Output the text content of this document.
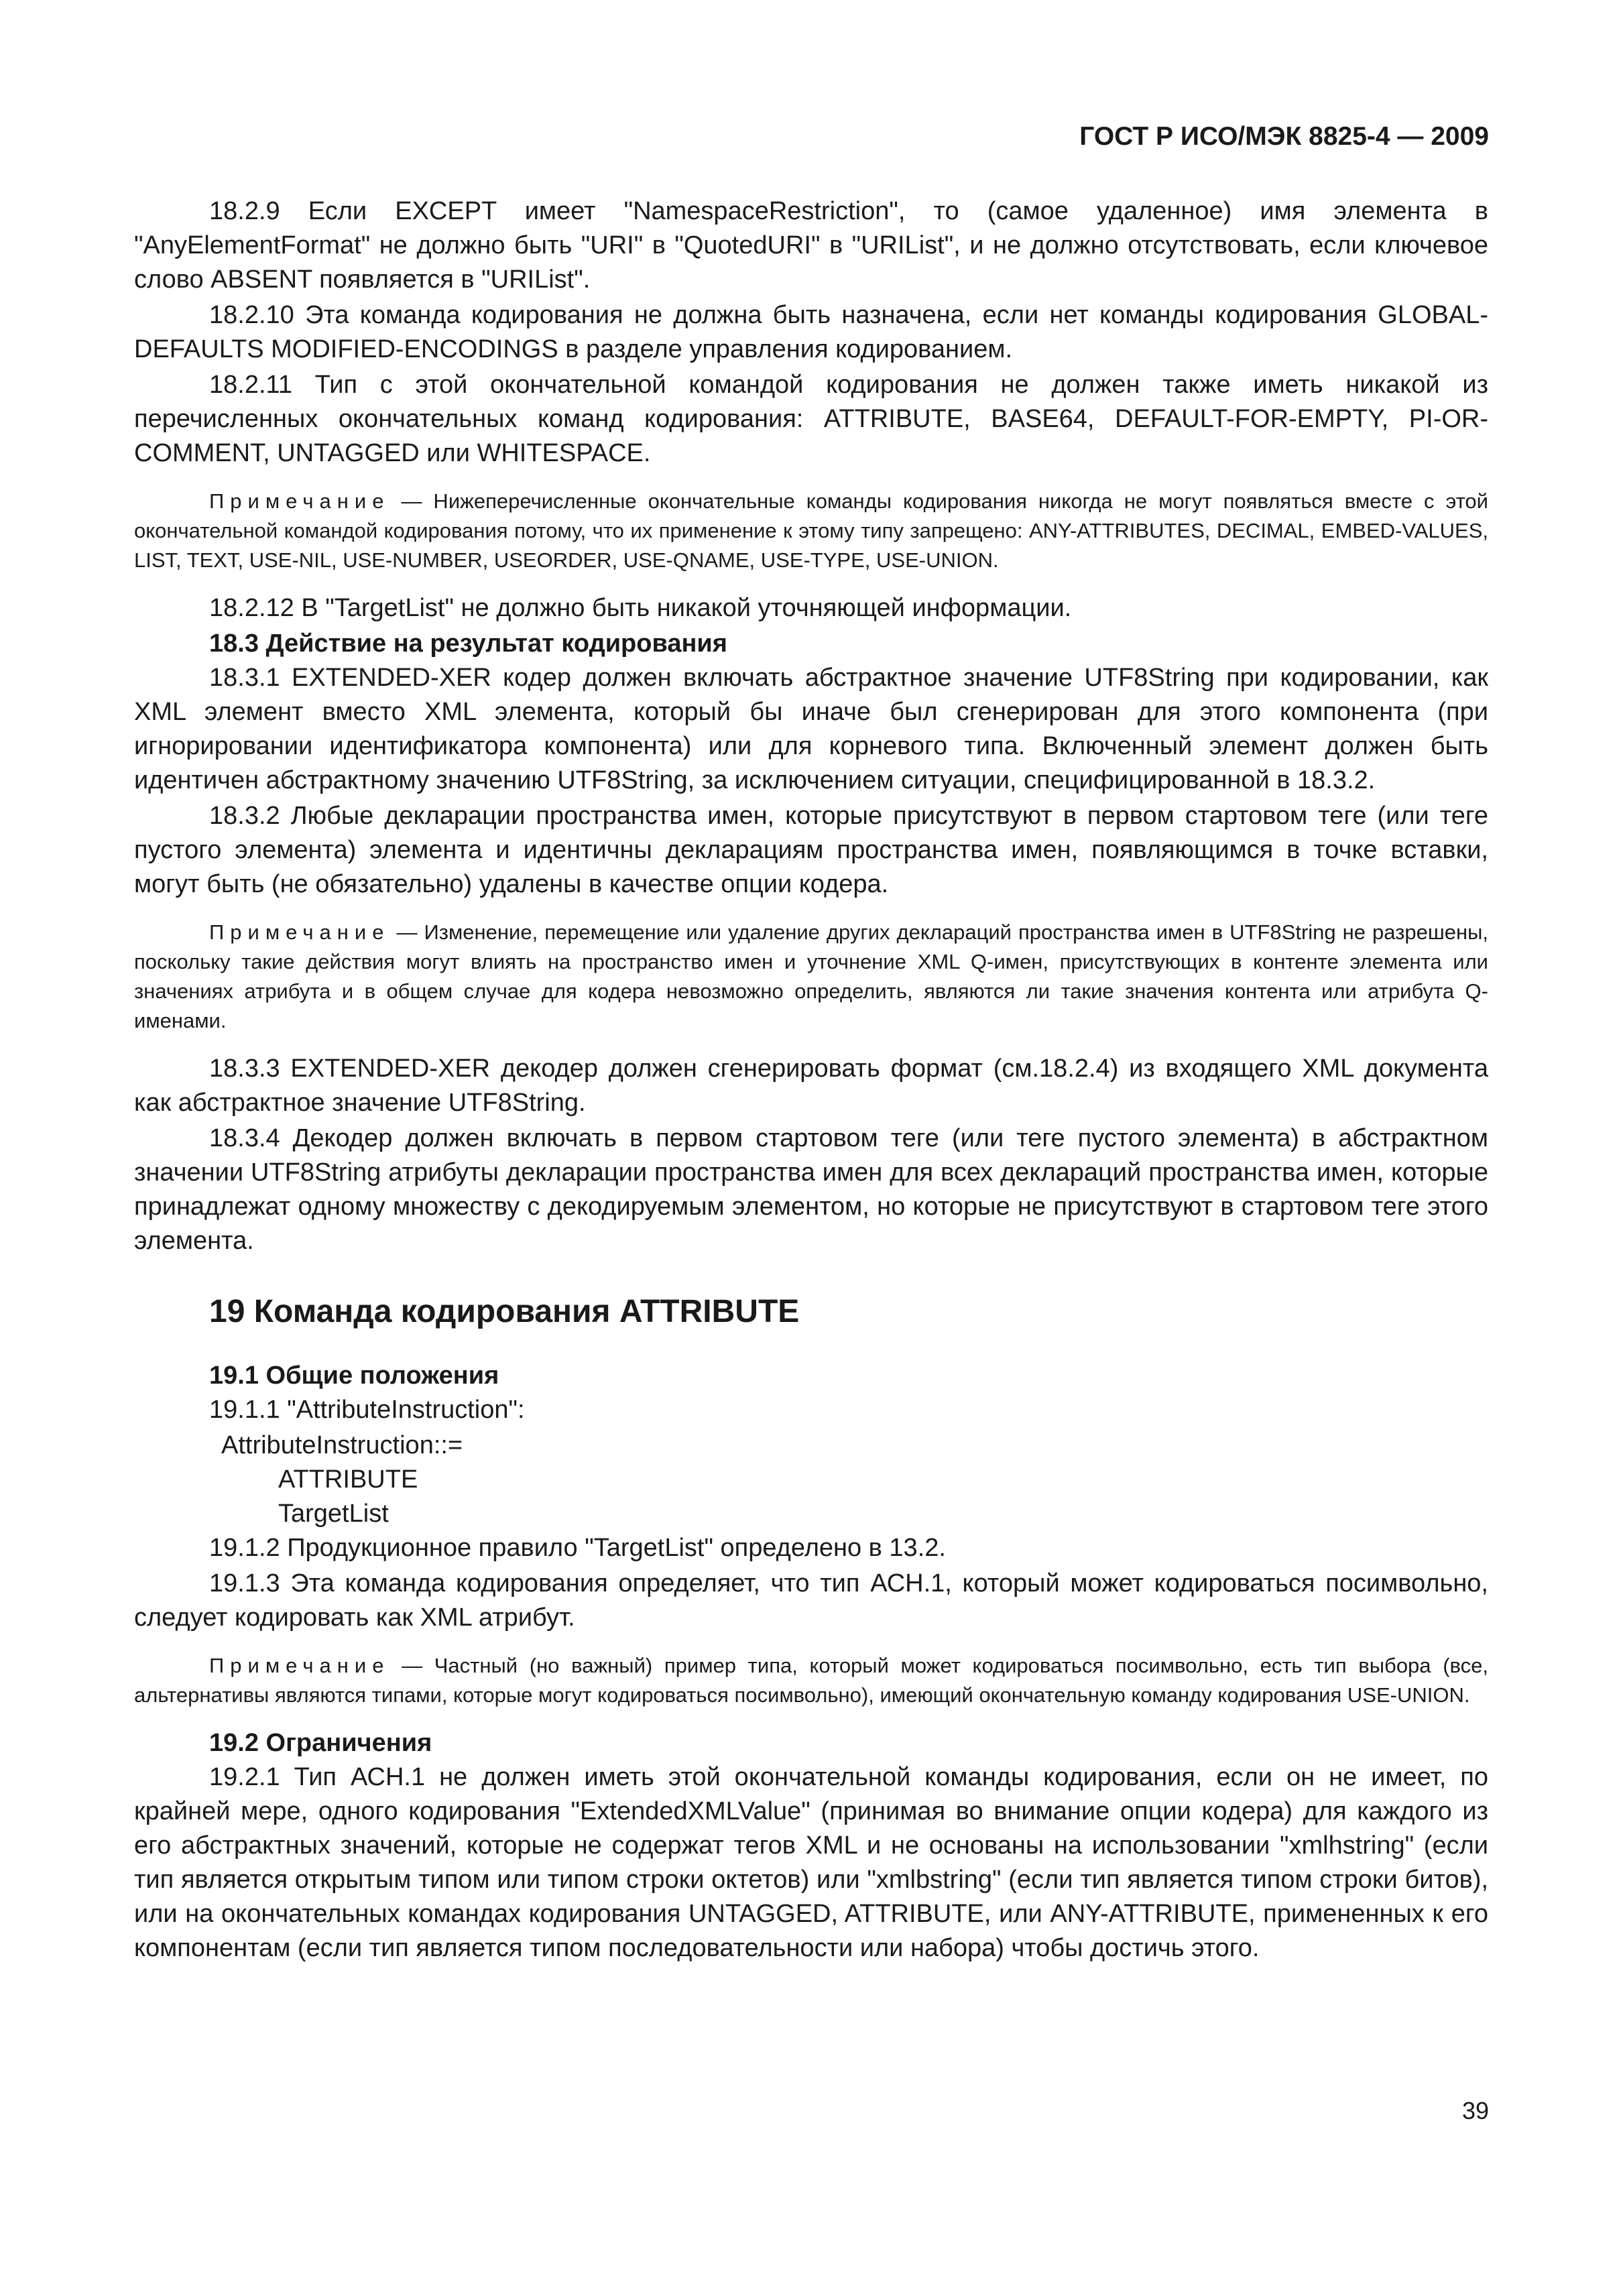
ГОСТ Р ИСО/МЭК 8825-4 — 2009

18.2.9 Если EXCEPT имеет "NamespaceRestriction", то (самое удаленное) имя элемента в "AnyElementFormat" не должно быть "URI" в "QuotedURI" в "URIList", и не должно отсутствовать, если ключевое слово ABSENT появляется в "URIList".

18.2.10 Эта команда кодирования не должна быть назначена, если нет команды кодирования GLOBAL-DEFAULTS MODIFIED-ENCODINGS в разделе управления кодированием.

18.2.11 Тип с этой окончательной командой кодирования не должен также иметь никакой из перечисленных окончательных команд кодирования: ATTRIBUTE, BASE64, DEFAULT-FOR-EMPTY, PI-OR-COMMENT, UNTAGGED или WHITESPACE.

Примечание — Нижеперечисленные окончательные команды кодирования никогда не могут появляться вместе с этой окончательной командой кодирования потому, что их применение к этому типу запрещено: ANY-ATTRIBUTES, DECIMAL, EMBED-VALUES, LIST, TEXT, USE-NIL, USE-NUMBER, USEORDER, USE-QNAME, USE-TYPE, USE-UNION.

18.2.12 В "TargetList" не должно быть никакой уточняющей информации.

18.3 Действие на результат кодирования

18.3.1 EXTENDED-XER кодер должен включать абстрактное значение UTF8String при кодировании, как XML элемент вместо XML элемента, который бы иначе был сгенерирован для этого компонента (при игнорировании идентификатора компонента) или для корневого типа. Включенный элемент должен быть идентичен абстрактному значению UTF8String, за исключением ситуации, специфицированной в 18.3.2.

18.3.2 Любые декларации пространства имен, которые присутствуют в первом стартовом теге (или теге пустого элемента) элемента и идентичны декларациям пространства имен, появляющимся в точке вставки, могут быть (не обязательно) удалены в качестве опции кодера.

Примечание — Изменение, перемещение или удаление других деклараций пространства имен в UTF8String не разрешены, поскольку такие действия могут влиять на пространство имен и уточнение XML Q-имен, присутствующих в контенте элемента или значениях атрибута и в общем случае для кодера невозможно определить, являются ли такие значения контента или атрибута Q-именами.

18.3.3 EXTENDED-XER декодер должен сгенерировать формат (см.18.2.4) из входящего XML документа как абстрактное значение UTF8String.

18.3.4 Декодер должен включать в первом стартовом теге (или теге пустого элемента) в абстрактном значении UTF8String атрибуты декларации пространства имен для всех деклараций пространства имен, которые принадлежат одному множеству с декодируемым элементом, но которые не присутствуют в стартовом теге этого элемента.

19 Команда кодирования ATTRIBUTE

19.1 Общие положения

19.1.1 "AttributeInstruction":

AttributeInstruction::=

ATTRIBUTE

TargetList

19.1.2 Продукционное правило "TargetList" определено в 13.2.

19.1.3 Эта команда кодирования определяет, что тип АСН.1, который может кодироваться посимвольно, следует кодировать как XML атрибут.

Примечание — Частный (но важный) пример типа, который может кодироваться посимвольно, есть тип выбора (все, альтернативы являются типами, которые могут кодироваться посимвольно), имеющий окончательную команду кодирования USE-UNION.

19.2 Ограничения

19.2.1 Тип АСН.1 не должен иметь этой окончательной команды кодирования, если он не имеет, по крайней мере, одного кодирования "ExtendedXMLValue" (принимая во внимание опции кодера) для каждого из его абстрактных значений, которые не содержат тегов XML и не основаны на использовании "xmlhstring" (если тип является открытым типом или типом строки октетов) или "xmlbstring" (если тип является типом строки битов), или на окончательных командах кодирования UNTAGGED, ATTRIBUTE, или ANY-ATTRIBUTE, примененных к его компонентам (если тип является типом последовательности или набора) чтобы достичь этого.

39
